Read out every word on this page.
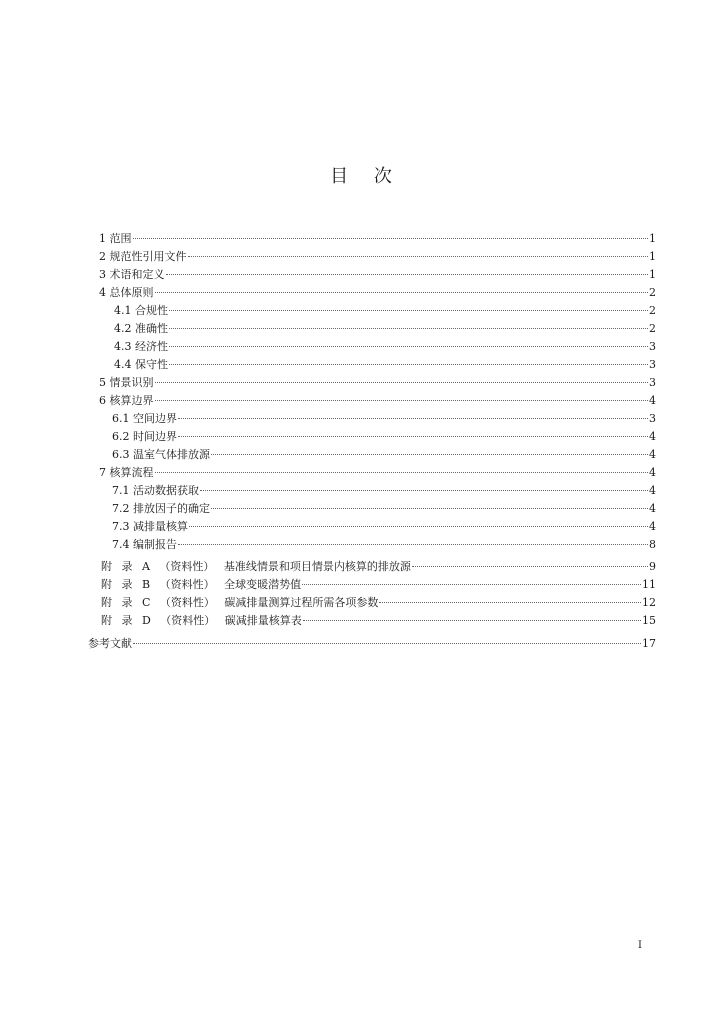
目 次
1 范围	1
2 规范性引用文件	1
3 术语和定义	1
4 总体原则	2
4.1 合规性	2
4.2 准确性	2
4.3 经济性	3
4.4 保守性	3
5 情景识别	3
6 核算边界	4
6.1 空间边界	3
6.2 时间边界	4
6.3 温室气体排放源	4
7 核算流程	4
7.1 活动数据获取	4
7.2 排放因子的确定	4
7.3 减排量核算	4
7.4 编制报告	8
附 录 A （资料性） 基准线情景和项目情景内核算的排放源	9
附 录 B （资料性） 全球变暖潜势值	11
附 录 C （资料性） 碳减排量测算过程所需各项参数	12
附 录 D （资料性） 碳减排量核算表	15
参考文献	17
I
